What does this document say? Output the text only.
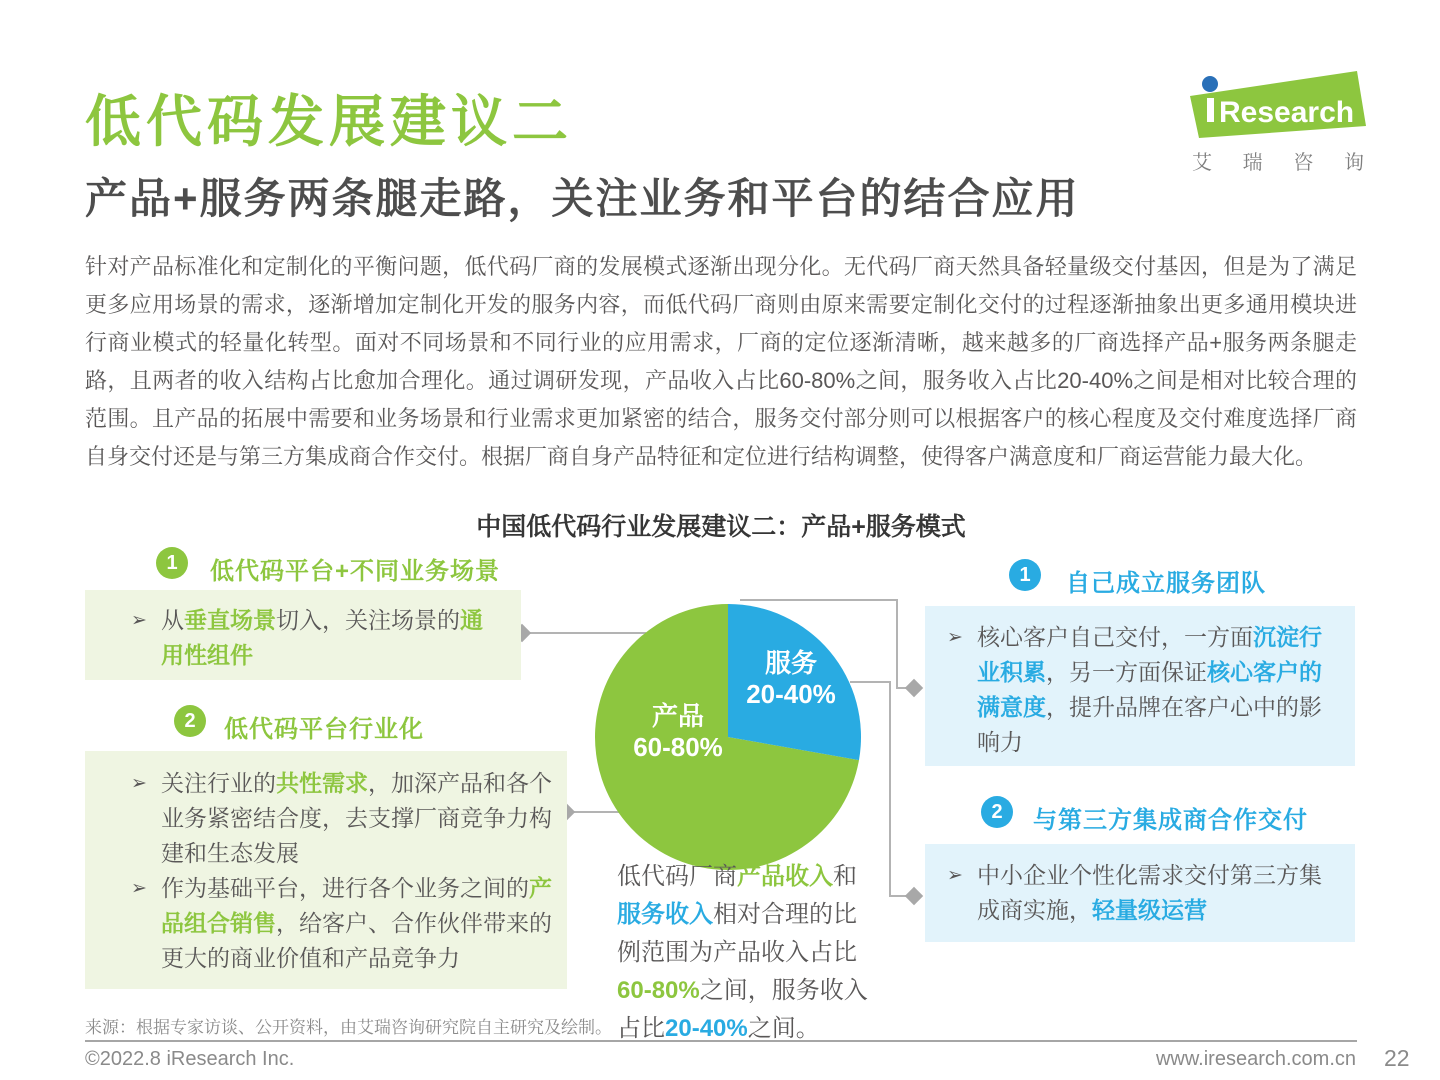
低代码发展建议二
产品+服务两条腿走路，关注业务和平台的结合应用
Research
艾 瑞 咨 询

针对产品标准化和定制化的平衡问题，低代码厂商的发展模式逐渐出现分化。无代码厂商天然具备轻量级交付基因，但是为了满足更多应用场景的需求，逐渐增加定制化开发的服务内容，而低代码厂商则由原来需要定制化交付的过程逐渐抽象出更多通用模块进行商业模式的轻量化转型。面对不同场景和不同行业的应用需求，厂商的定位逐渐清晰，越来越多的厂商选择产品+服务两条腿走路，且两者的收入结构占比愈加合理化。通过调研发现，产品收入占比60-80%之间，服务收入占比20-40%之间是相对比较合理的范围。且产品的拓展中需要和业务场景和行业需求更加紧密的结合，服务交付部分则可以根据客户的核心程度及交付难度选择厂商自身交付还是与第三方集成商合作交付。根据厂商自身产品特征和定位进行结构调整，使得客户满意度和厂商运营能力最大化。

中国低代码行业发展建议二：产品+服务模式
1	低代码平台+不同业务场景
➢ 从垂直场景切入，关注场景的通用性组件
2	低代码平台行业化
➢ 关注行业的共性需求，加深产品和各个业务紧密结合度，去支撑厂商竞争力构建和生态发展
➢ 作为基础平台，进行各个业务之间的产品组合销售，给客户、合作伙伴带来的更大的商业价值和产品竞争力
服务
20-40%
产品
60-80%
低代码厂商产品收入和服务收入相对合理的比例范围为产品收入占比60-80%之间，服务收入占比20-40%之间。
1	自己成立服务团队
➢ 核心客户自己交付，一方面沉淀行业积累，另一方面保证核心客户的满意度，提升品牌在客户心中的影响力
2	与第三方集成商合作交付
➢ 中小企业个性化需求交付第三方集成商实施，轻量级运营
来源：根据专家访谈、公开资料，由艾瑞咨询研究院自主研究及绘制。
©2022.8 iResearch Inc.	www.iresearch.com.cn 22
